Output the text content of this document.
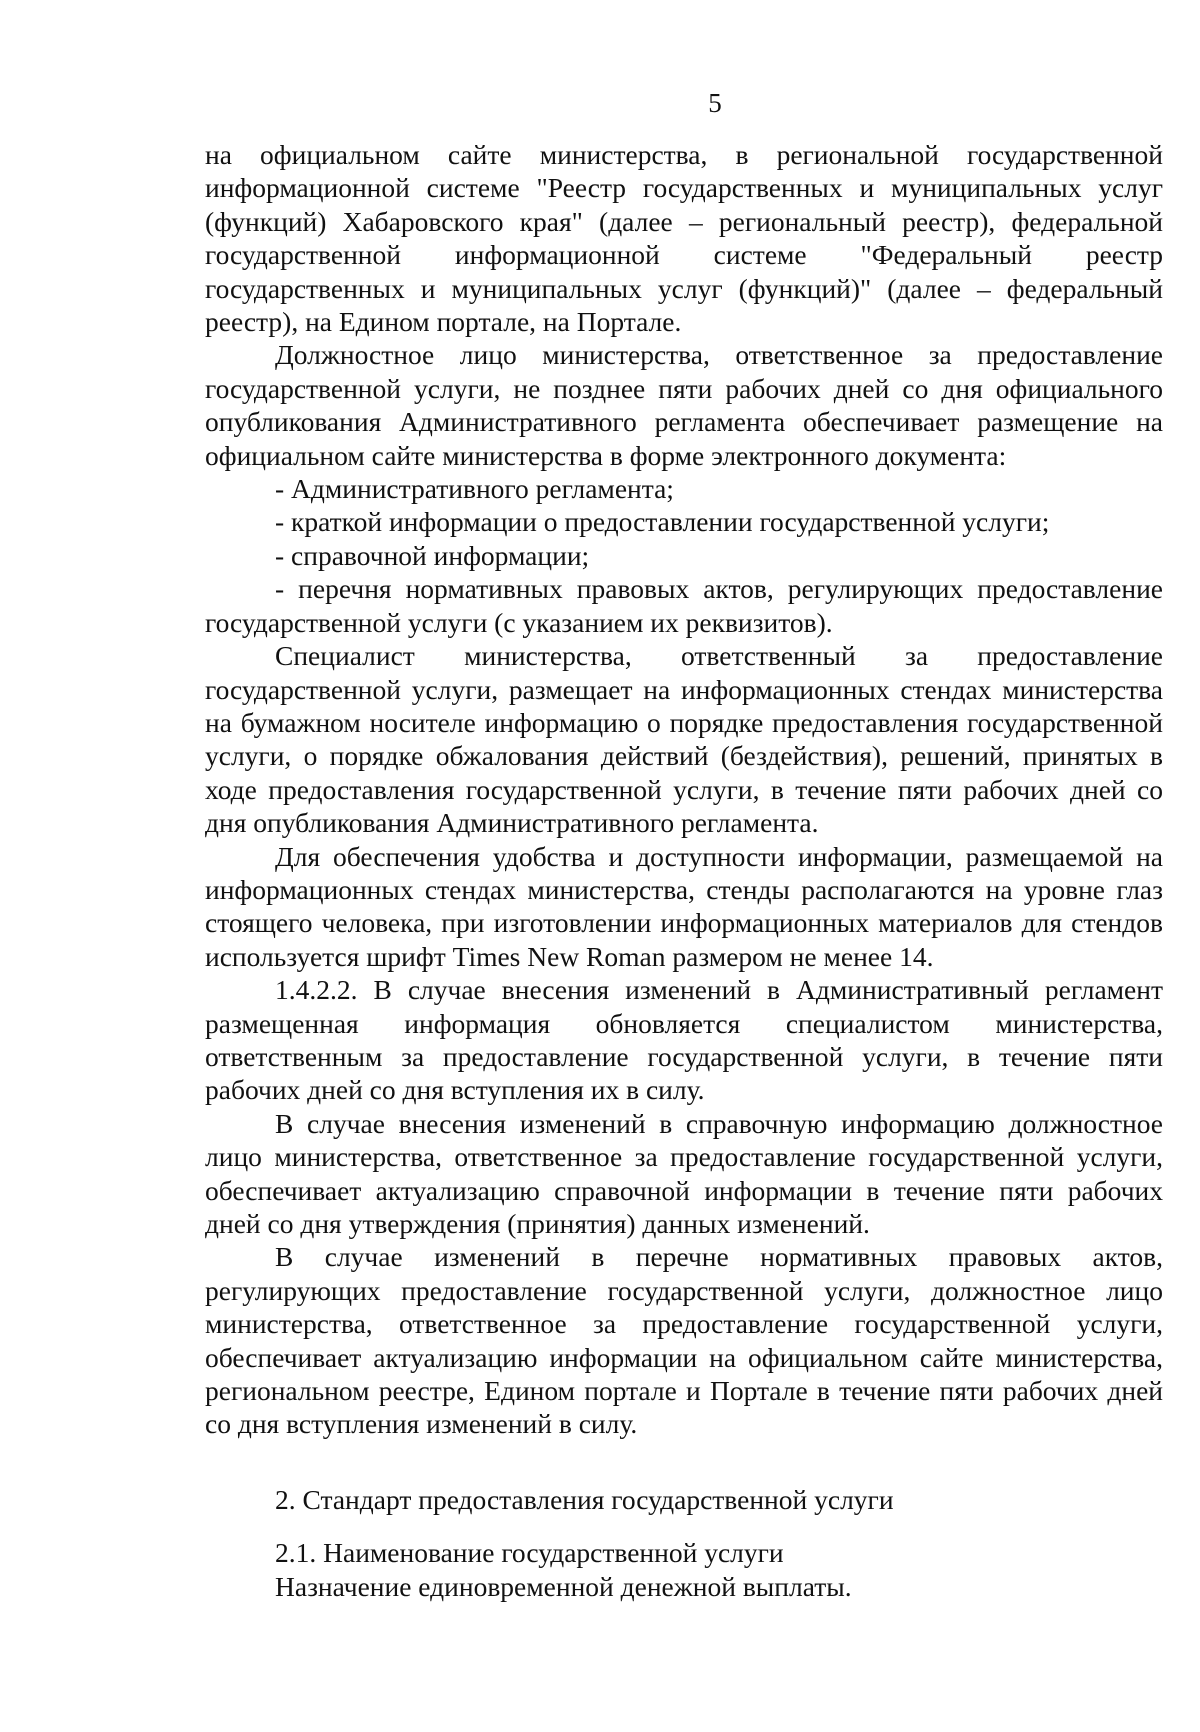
5

на официальном сайте министерства, в региональной государственной информационной системе "Реестр государственных и муниципальных услуг (функций) Хабаровского края" (далее – региональный реестр), федеральной государственной информационной системе "Федеральный реестр государственных и муниципальных услуг (функций)" (далее – федеральный реестр), на Едином портале, на Портале.

Должностное лицо министерства, ответственное за предоставление государственной услуги, не позднее пяти рабочих дней со дня официального опубликования Административного регламента обеспечивает размещение на официальном сайте министерства в форме электронного документа:

- Административного регламента;

- краткой информации о предоставлении государственной услуги;

- справочной информации;

- перечня нормативных правовых актов, регулирующих предоставление государственной услуги (с указанием их реквизитов).

Специалист министерства, ответственный за предоставление государственной услуги, размещает на информационных стендах министерства на бумажном носителе информацию о порядке предоставления государственной услуги, о порядке обжалования действий (бездействия), решений, принятых в ходе предоставления государственной услуги, в течение пяти рабочих дней со дня опубликования Административного регламента.

Для обеспечения удобства и доступности информации, размещаемой на информационных стендах министерства, стенды располагаются на уровне глаз стоящего человека, при изготовлении информационных материалов для стендов используется шрифт Times New Roman размером не менее 14.

1.4.2.2. В случае внесения изменений в Административный регламент размещенная информация обновляется специалистом министерства, ответственным за предоставление государственной услуги, в течение пяти рабочих дней со дня вступления их в силу.

В случае внесения изменений в справочную информацию должностное лицо министерства, ответственное за предоставление государственной услуги, обеспечивает актуализацию справочной информации в течение пяти рабочих дней со дня утверждения (принятия) данных изменений.

В случае изменений в перечне нормативных правовых актов, регулирующих предоставление государственной услуги, должностное лицо министерства, ответственное за предоставление государственной услуги, обеспечивает актуализацию информации на официальном сайте министерства, региональном реестре, Едином портале и Портале в течение пяти рабочих дней со дня вступления изменений в силу.

2. Стандарт предоставления государственной услуги

2.1. Наименование государственной услуги

Назначение единовременной денежной выплаты.
